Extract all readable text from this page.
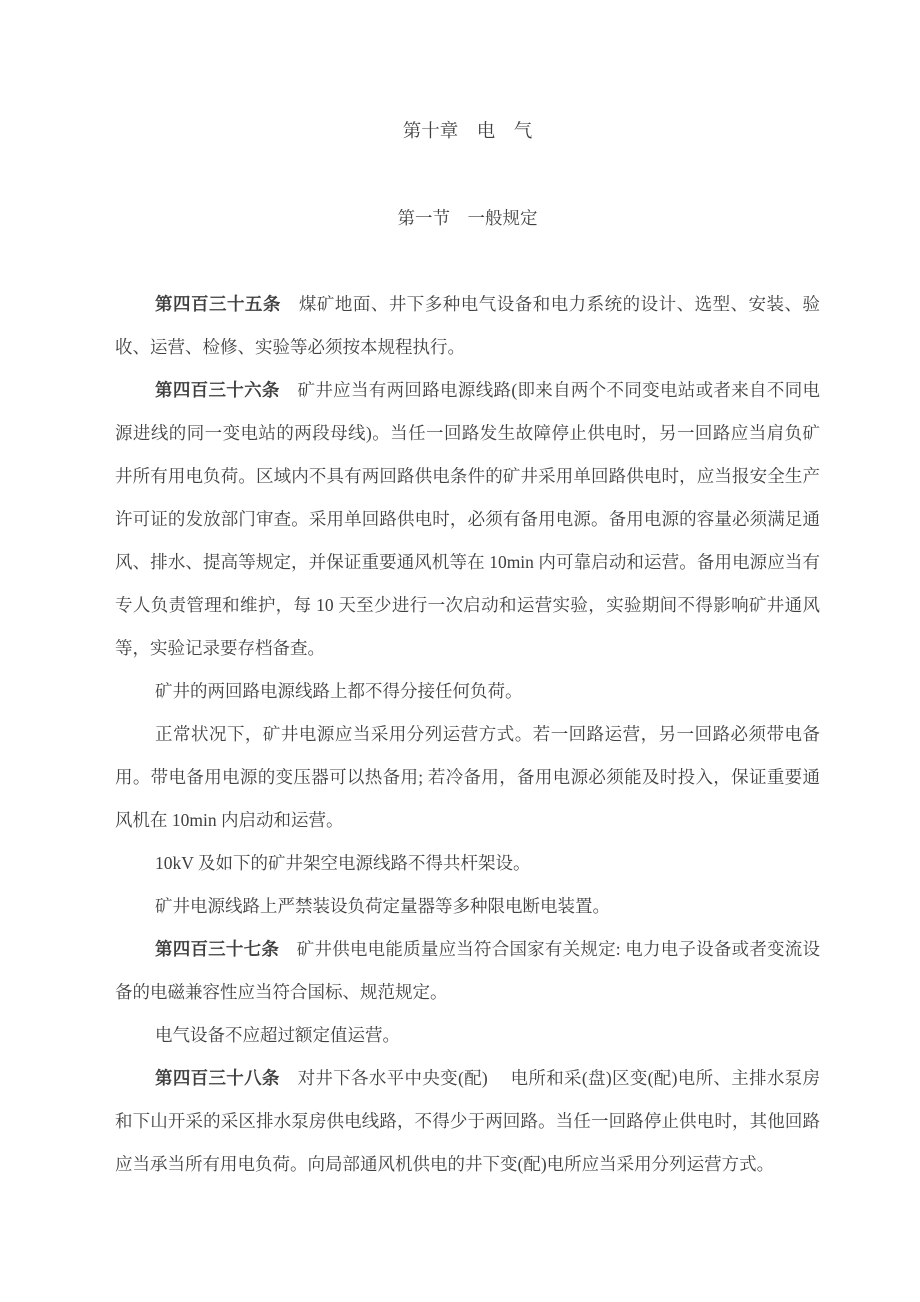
第十章　电　气
第一节　一般规定

第四百三十五条　煤矿地面、井下多种电气设备和电力系统的设计、选型、安装、验收、运营、检修、实验等必须按本规程执行。

第四百三十六条　矿井应当有两回路电源线路(即来自两个不同变电站或者来自不同电源进线的同一变电站的两段母线)。当任一回路发生故障停止供电时，另一回路应当肩负矿井所有用电负荷。区域内不具有两回路供电条件的矿井采用单回路供电时，应当报安全生产许可证的发放部门审查。采用单回路供电时，必须有备用电源。备用电源的容量必须满足通风、排水、提高等规定，并保证重要通风机等在 10min 内可靠启动和运营。备用电源应当有专人负责管理和维护，每 10 天至少进行一次启动和运营实验，实验期间不得影响矿井通风等，实验记录要存档备查。

矿井的两回路电源线路上都不得分接任何负荷。

正常状况下，矿井电源应当采用分列运营方式。若一回路运营，另一回路必须带电备用。带电备用电源的变压器可以热备用; 若冷备用，备用电源必须能及时投入，保证重要通风机在 10min 内启动和运营。

10kV 及如下的矿井架空电源线路不得共杆架设。

矿井电源线路上严禁装设负荷定量器等多种限电断电装置。

第四百三十七条　矿井供电电能质量应当符合国家有关规定: 电力电子设备或者变流设备的电磁兼容性应当符合国标、规范规定。

电气设备不应超过额定值运营。

第四百三十八条　对井下各水平中央变(配)　 电所和采(盘)区变(配)电所、主排水泵房和下山开采的采区排水泵房供电线路，不得少于两回路。当任一回路停止供电时，其他回路应当承当所有用电负荷。向局部通风机供电的井下变(配)电所应当采用分列运营方式。
